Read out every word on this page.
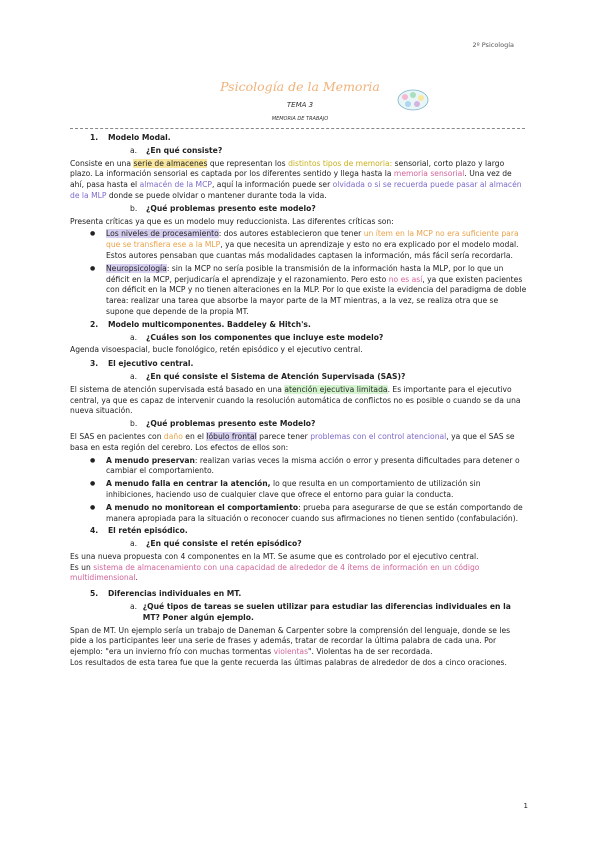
2º Psicología
Psicología de la Memoria
TEMA 3
MEMORIA DE TRABAJO

1.	Modelo Modal.

a.	¿En qué consiste?

Consiste en una serie de almacenes que representan los distintos tipos de memoria: sensorial, corto plazo y largo plazo. La información sensorial es captada por los diferentes sentido y llega hasta la memoria sensorial. Una vez de ahí, pasa hasta el almacén de la MCP, aquí la información puede ser olvidada o si se recuerda puede pasar al almacén de la MLP donde se puede olvidar o mantener durante toda la vida.

b.	¿Qué problemas presento este modelo?

Presenta críticas ya que es un modelo muy reduccionista. Las diferentes críticas son:

● Los niveles de procesamiento: dos autores establecieron que tener un ítem en la MCP no era suficiente para que se transfiera ese a la MLP, ya que necesita un aprendizaje y esto no era explicado por el modelo modal. Estos autores pensaban que cuantas más modalidades captasen la información, más fácil sería recordarla.
● Neuropsicología: sin la MCP no sería posible la transmisión de la información hasta la MLP, por lo que un déficit en la MCP, perjudicaría el aprendizaje y el razonamiento. Pero esto no es así, ya que existen pacientes con déficit en la MCP y no tienen alteraciones en la MLP. Por lo que existe la evidencia del paradigma de doble tarea: realizar una tarea que absorbe la mayor parte de la MT mientras, a la vez, se realiza otra que se supone que depende de la propia MT.

2.	Modelo multicomponentes. Baddeley & Hitch's.

a.	¿Cuáles son los componentes que incluye este modelo?

Agenda visoespacial, bucle fonológico, retén episódico y el ejecutivo central.

3.	El ejecutivo central.

a.	¿En qué consiste el Sistema de Atención Supervisada (SAS)?

El sistema de atención supervisada está basado en una atención ejecutiva limitada. Es importante para el ejecutivo central, ya que es capaz de intervenir cuando la resolución automática de conflictos no es posible o cuando se da una nueva situación.

b.	¿Qué problemas presento este Modelo?

El SAS en pacientes con daño en el lóbulo frontal parece tener problemas con el control atencional, ya que el SAS se basa en esta región del cerebro. Los efectos de ellos son:

● A menudo preservan: realizan varias veces la misma acción o error y presenta dificultades para detener o cambiar el comportamiento.
● A menudo falla en centrar la atención, lo que resulta en un comportamiento de utilización sin inhibiciones, haciendo uso de cualquier clave que ofrece el entorno para guiar la conducta.
● A menudo no monitorean el comportamiento: prueba para asegurarse de que se están comportando de manera apropiada para la situación o reconocer cuando sus afirmaciones no tienen sentido (confabulación).

4.	El retén episódico.

a.	¿En qué consiste el retén episódico?

Es una nueva propuesta con 4 componentes en la MT. Se asume que es controlado por el ejecutivo central.

Es un sistema de almacenamiento con una capacidad de alrededor de 4 ítems de información en un código multidimensional.

5.	Diferencias individuales en MT.

a. ¿Qué tipos de tareas se suelen utilizar para estudiar las diferencias individuales en la MT? Poner algún ejemplo.

Span de MT. Un ejemplo sería un trabajo de Daneman & Carpenter sobre la comprensión del lenguaje, donde se les pide a los participantes leer una serie de frases y además, tratar de recordar la última palabra de cada una. Por ejemplo: "era un invierno frío con muchas tormentas violentas". Violentas ha de ser recordada.

Los resultados de esta tarea fue que la gente recuerda las últimas palabras de alrededor de dos a cinco oraciones.

1
